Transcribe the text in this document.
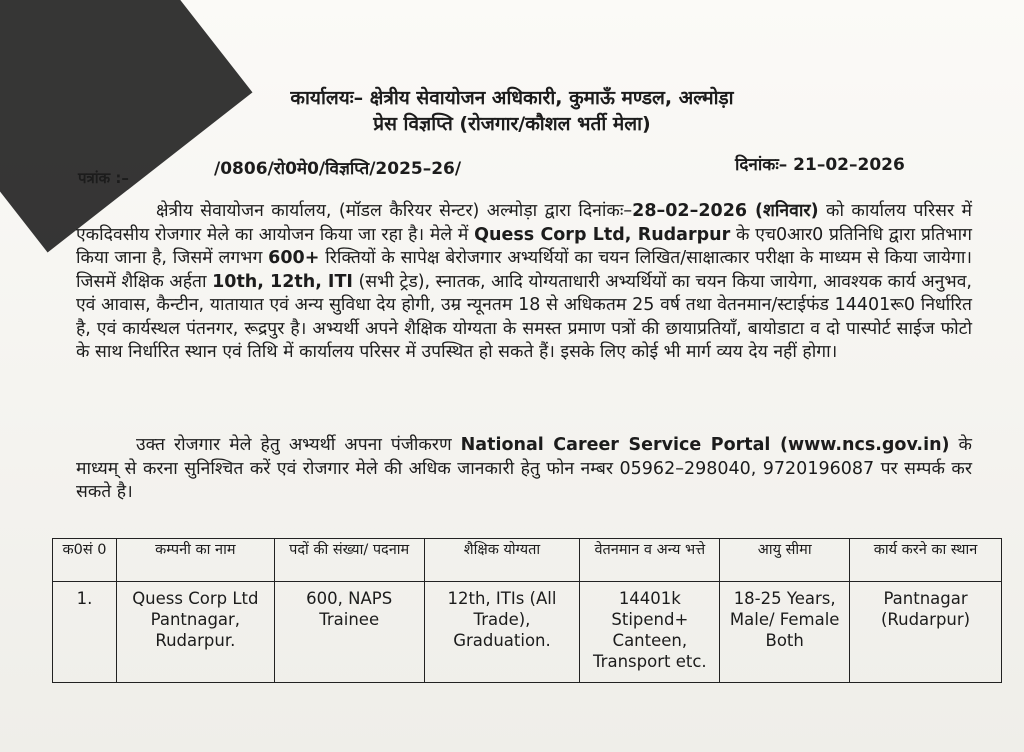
कार्यालयः– क्षेत्रीय सेवायोजन अधिकारी, कुमाऊँ मण्डल, अल्मोड़ा
प्रेस विज्ञप्ति (रोजगार/कौशल भर्ती मेला)
पत्रांक :–	/0806/रो0मे0/विज्ञप्ति/2025–26/	दिनांकः– 21–02–2026
क्षेत्रीय सेवायोजन कार्यालय, (मॉडल कैरियर सेन्टर) अल्मोड़ा द्वारा दिनांकः–28–02–2026 (शनिवार) को कार्यालय परिसर में एकदिवसीय रोजगार मेले का आयोजन किया जा रहा है। मेले में Quess Corp Ltd, Rudarpur के एच0आर0 प्रतिनिधि द्वारा प्रतिभाग किया जाना है, जिसमें लगभग 600+ रिक्तियों के सापेक्ष बेरोजगार अभ्यर्थियों का चयन लिखित/साक्षात्कार परीक्षा के माध्यम से किया जायेगा। जिसमें शैक्षिक अर्हता 10th, 12th, ITI (सभी ट्रेड), स्नातक, आदि योग्यताधारी अभ्यर्थियों का चयन किया जायेगा, आवश्यक कार्य अनुभव, एवं आवास, कैन्टीन, यातायात एवं अन्य सुविधा देय होगी, उम्र न्यूनतम 18 से अधिकतम 25 वर्ष तथा वेतनमान/स्टाईफंड 14401रू0 निर्धारित है, एवं कार्यस्थल पंतनगर, रूद्रपुर है। अभ्यर्थी अपने शैक्षिक योग्यता के समस्त प्रमाण पत्रों की छायाप्रतियाँ, बायोडाटा व दो पास्पोर्ट साईज फोटो के साथ निर्धारित स्थान एवं तिथि में कार्यालय परिसर में उपस्थित हो सकते हैं। इसके लिए कोई भी मार्ग व्यय देय नहीं होगा।
उक्त रोजगार मेले हेतु अभ्यर्थी अपना पंजीकरण National Career Service Portal (www.ncs.gov.in) के माध्यम् से करना सुनिश्चित करें एवं रोजगार मेले की अधिक जानकारी हेतु फोन नम्बर 05962–298040, 9720196087 पर सम्पर्क कर सकते है।
क0सं 0	कम्पनी का नाम	पदों की संख्या/ पदनाम	शैक्षिक योग्यता	वेतनमान व अन्य भत्ते	आयु सीमा	कार्य करने का स्थान
1.	Quess Corp Ltd Pantnagar, Rudarpur.	600, NAPS Trainee	12th, ITIs (All Trade), Graduation.	14401k Stipend+ Canteen, Transport etc.	18-25 Years, Male/ Female Both	Pantnagar (Rudarpur)
